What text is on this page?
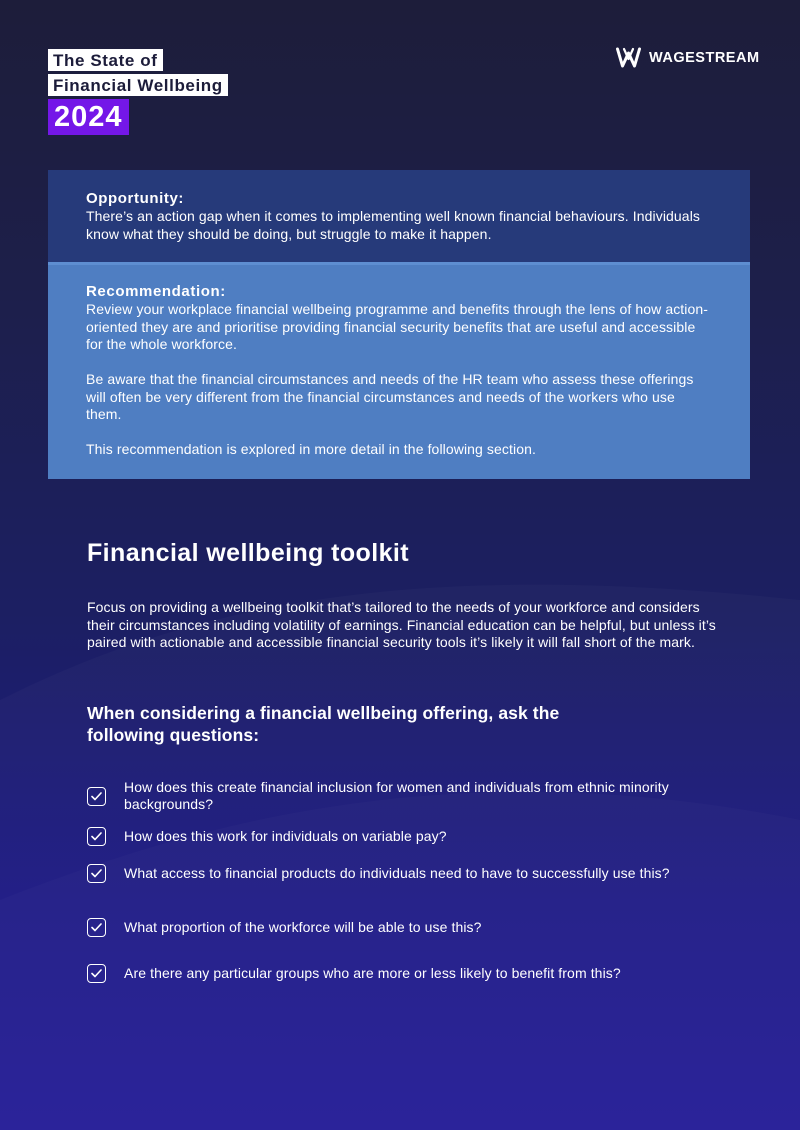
The State of
Financial Wellbeing
2024
WAGESTREAM
Opportunity:

There’s an action gap when it comes to implementing well known financial behaviours. Individuals know what they should be doing, but struggle to make it happen.

Recommendation:

Review your workplace financial wellbeing programme and benefits through the lens of how action-oriented they are and prioritise providing financial security benefits that are useful and accessible for the whole workforce.

Be aware that the financial circumstances and needs of the HR team who assess these offerings will often be very different from the financial circumstances and needs of the workers who use them.

This recommendation is explored in more detail in the following section.

Financial wellbeing toolkit

Focus on providing a wellbeing toolkit that’s tailored to the needs of your workforce and considers their circumstances including volatility of earnings. Financial education can be helpful, but unless it’s paired with actionable and accessible financial security tools it’s likely it will fall short of the mark.

When considering a financial wellbeing offering, ask the following questions:
How does this create financial inclusion for women and individuals from ethnic minority backgrounds?
How does this work for individuals on variable pay?
What access to financial products do individuals need to have to successfully use this?
What proportion of the workforce will be able to use this?
Are there any particular groups who are more or less likely to benefit from this?
